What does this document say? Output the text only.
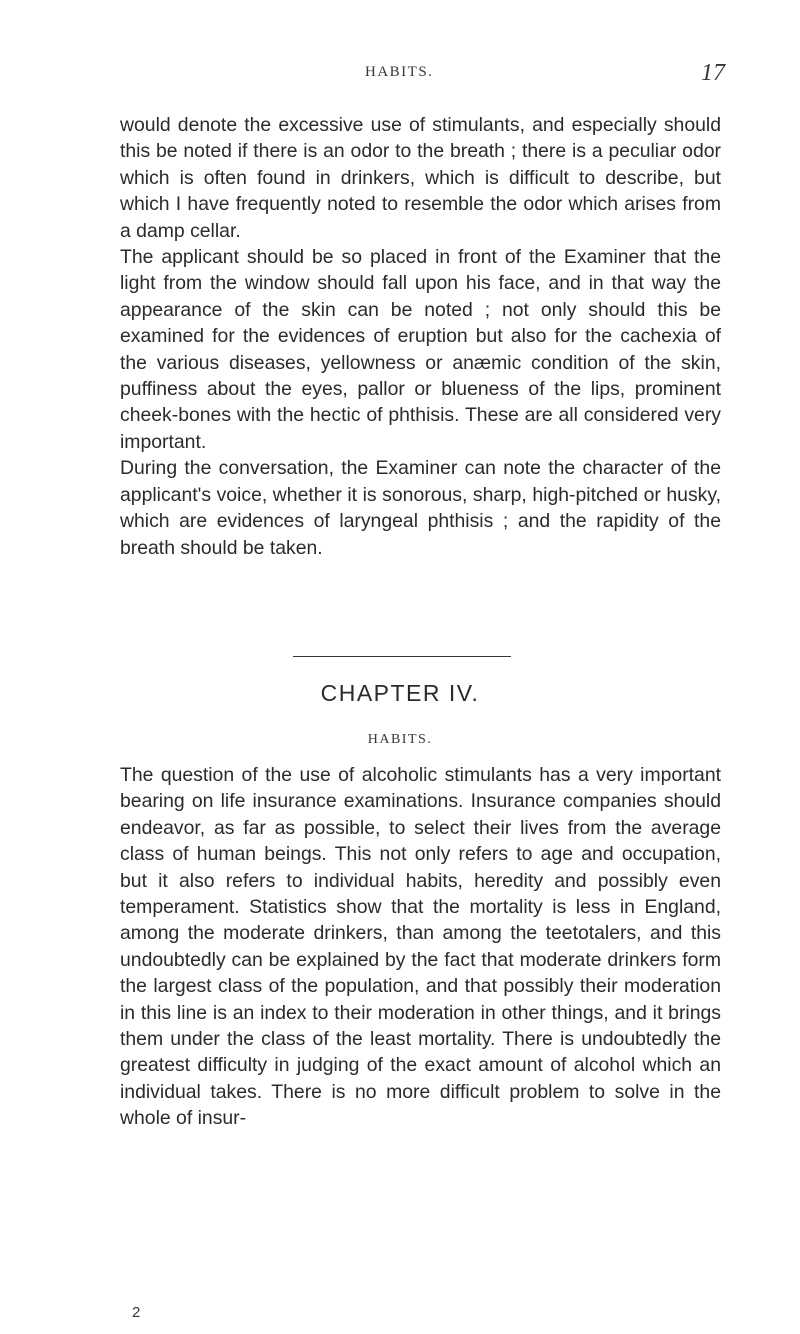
HABITS.	17

would denote the excessive use of stimulants, and especially should this be noted if there is an odor to the breath ; there is a peculiar odor which is often found in drinkers, which is difficult to describe, but which I have frequently noted to resemble the odor which arises from a damp cellar.

The applicant should be so placed in front of the Examiner that the light from the window should fall upon his face, and in that way the appearance of the skin can be noted ; not only should this be examined for the evidences of eruption but also for the cachexia of the various diseases, yellowness or anæmic condition of the skin, puffiness about the eyes, pallor or blueness of the lips, prominent cheek-bones with the hectic of phthisis. These are all considered very important.

During the conversation, the Examiner can note the character of the applicant's voice, whether it is sonorous, sharp, high-pitched or husky, which are evidences of laryngeal phthisis ; and the rapidity of the breath should be taken.

CHAPTER IV.
HABITS.

The question of the use of alcoholic stimulants has a very important bearing on life insurance examinations. Insurance companies should endeavor, as far as possible, to select their lives from the average class of human beings. This not only refers to age and occupation, but it also refers to individual habits, heredity and possibly even temperament. Statistics show that the mortality is less in England, among the moderate drinkers, than among the teetotalers, and this undoubtedly can be explained by the fact that moderate drinkers form the largest class of the population, and that possibly their moderation in this line is an index to their moderation in other things, and it brings them under the class of the least mortality. There is undoubtedly the greatest difficulty in judging of the exact amount of alcohol which an individual takes. There is no more difficult problem to solve in the whole of insur-

2
